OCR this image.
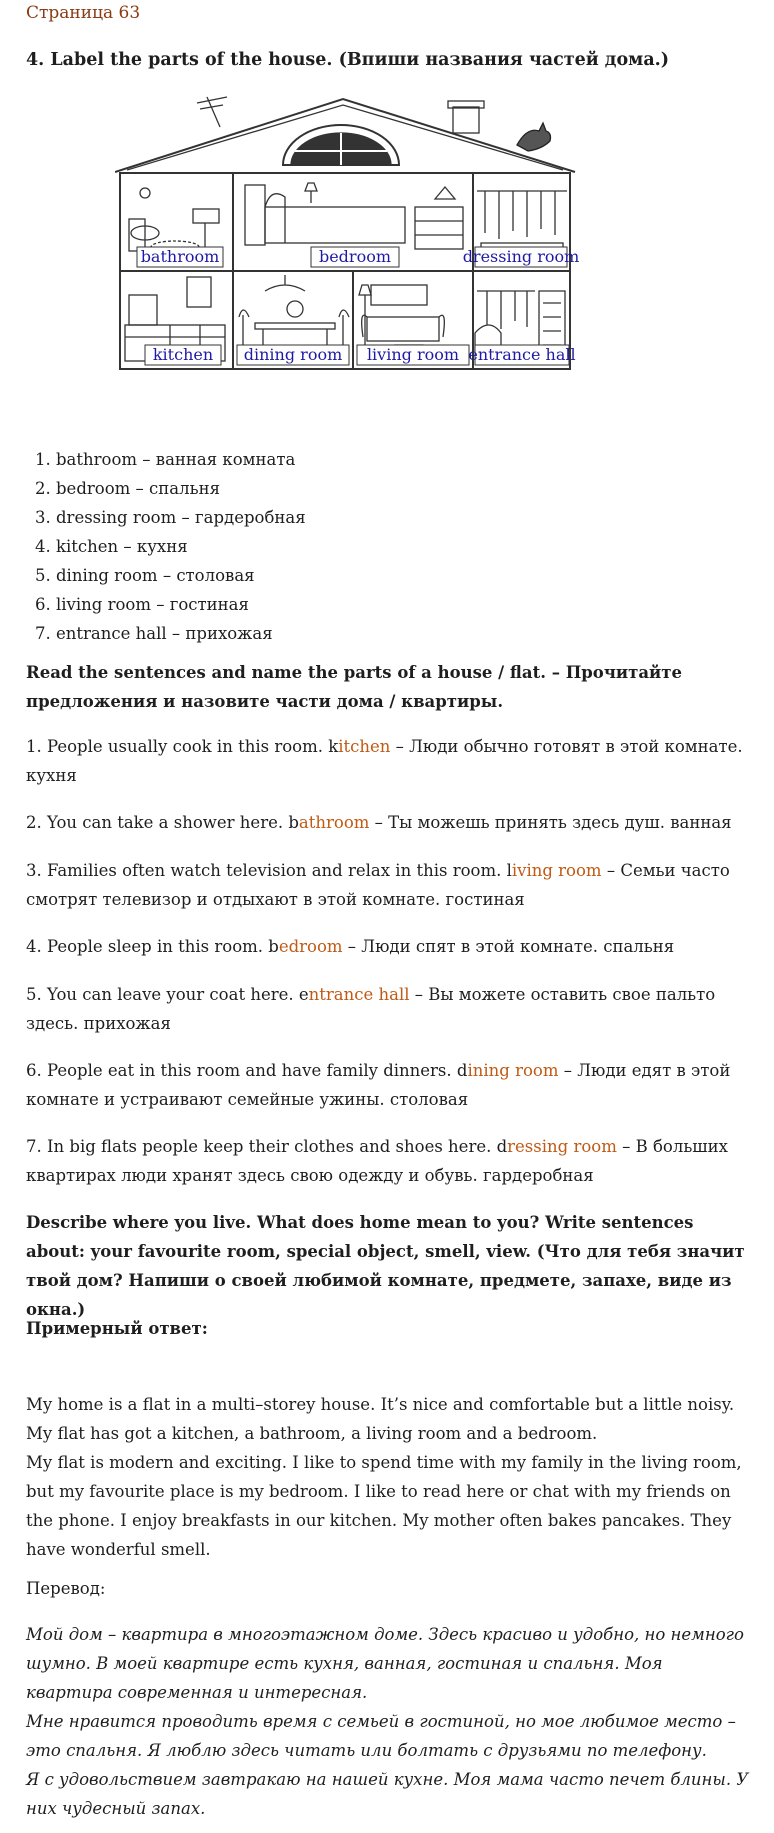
Страница 63
4. Label the parts of the house. (Впиши названия частей дома.)
bathroom	bedroom	dressing room
kitchen dining room living room entrance hall
1. bathroom – ванная комната
2. bedroom – спальня
3. dressing room – гардеробная
4. kitchen – кухня
5. dining room – столовая
6. living room – гостиная
7. entrance hall – прихожая

Read the sentences and name the parts of a house / flat. – Прочитайте предложения и назовите части дома / квартиры.

1. People usually cook in this room. kitchen – Люди обычно готовят в этой комнате. кухня

2. You can take a shower here. bathroom – Ты можешь принять здесь душ. ванная

3. Families often watch television and relax in this room. living room – Семьи часто смотрят телевизор и отдыхают в этой комнате. гостиная

4. People sleep in this room. bedroom – Люди спят в этой комнате. спальня

5. You can leave your coat here. entrance hall – Вы можете оставить свое пальто здесь. прихожая

6. People eat in this room and have family dinners. dining room – Люди едят в этой комнате и устраивают семейные ужины. столовая

7. In big flats people keep their clothes and shoes here. dressing room – В больших квартирах люди хранят здесь свою одежду и обувь. гардеробная

Describe where you live. What does home mean to you? Write sentences about: your favourite room, special object, smell, view. (Что для тебя значит твой дом? Напиши о своей любимой комнате, предмете, запахе, виде из окна.)

Примерный ответ:

My home is a flat in a multi–storey house. It’s nice and comfortable but a little noisy. My flat has got a kitchen, a bathroom, a living room and a bedroom.
My flat is modern and exciting. I like to spend time with my family in the living room, but my favourite place is my bedroom. I like to read here or chat with my friends on the phone. I enjoy breakfasts in our kitchen. My mother often bakes pancakes. They have wonderful smell.

Перевод:

Мой дом – квартира в многоэтажном доме. Здесь красиво и удобно, но немного шумно. В моей квартире есть кухня, ванная, гостиная и спальня. Моя квартира современная и интересная.
Мне нравится проводить время с семьей в гостиной, но мое любимое место – это спальня. Я люблю здесь читать или болтать с друзьями по телефону.
Я с удовольствием завтракаю на нашей кухне. Моя мама часто печет блины. У них чудесный запах.
